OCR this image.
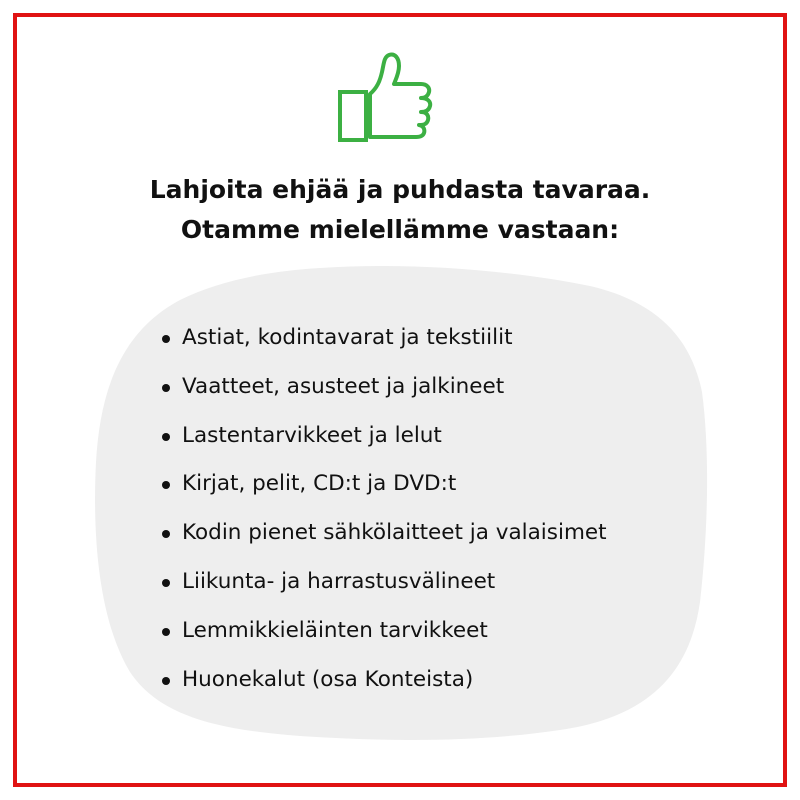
Lahjoita ehjää ja puhdasta tavaraa.
Otamme mielellämme vastaan:
Astiat, kodintavarat ja tekstiilit
Vaatteet, asusteet ja jalkineet
Lastentarvikkeet ja lelut
Kirjat, pelit, CD:t ja DVD:t
Kodin pienet sähkölaitteet ja valaisimet
Liikunta- ja harrastusvälineet
Lemmikkieläinten tarvikkeet
Huonekalut (osa Konteista)
